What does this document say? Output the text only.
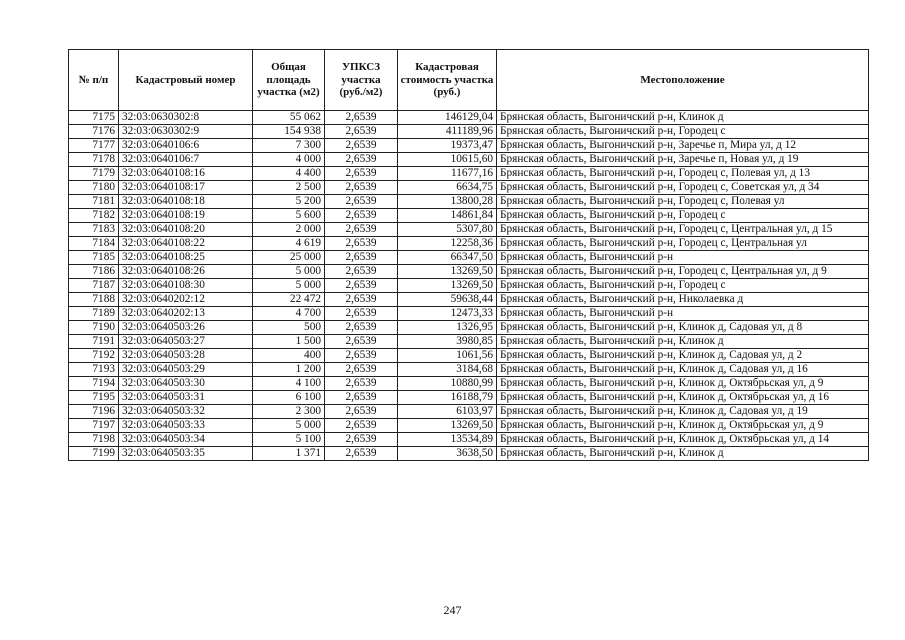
№ п/п	Кадастровый номер	Общая площадь участка (м2)	УПКСЗ участка (руб./м2)	Кадастровая стоимость участка (руб.)	Местоположение
7175	32:03:0630302:8	55 062	2,6539	146129,04	Брянская область, Выгоничский р-н, Клинок д
7176	32:03:0630302:9	154 938	2,6539	411189,96	Брянская область, Выгоничский р-н, Городец с
7177	32:03:0640106:6	7 300	2,6539	19373,47	Брянская область, Выгоничский р-н, Заречье п, Мира ул, д 12
7178	32:03:0640106:7	4 000	2,6539	10615,60	Брянская область, Выгоничский р-н, Заречье п, Новая ул, д 19
7179	32:03:0640108:16	4 400	2,6539	11677,16	Брянская область, Выгоничский р-н, Городец с, Полевая ул, д 13
7180	32:03:0640108:17	2 500	2,6539	6634,75	Брянская область, Выгоничский р-н, Городец с, Советская ул, д 34
7181	32:03:0640108:18	5 200	2,6539	13800,28	Брянская область, Выгоничский р-н, Городец с, Полевая ул
7182	32:03:0640108:19	5 600	2,6539	14861,84	Брянская область, Выгоничский р-н, Городец с
7183	32:03:0640108:20	2 000	2,6539	5307,80	Брянская область, Выгоничский р-н, Городец с, Центральная ул, д 15
7184	32:03:0640108:22	4 619	2,6539	12258,36	Брянская область, Выгоничский р-н, Городец с, Центральная ул
7185	32:03:0640108:25	25 000	2,6539	66347,50	Брянская область, Выгоничский р-н
7186	32:03:0640108:26	5 000	2,6539	13269,50	Брянская область, Выгоничский р-н, Городец с, Центральная ул, д 9
7187	32:03:0640108:30	5 000	2,6539	13269,50	Брянская область, Выгоничский р-н, Городец с
7188	32:03:0640202:12	22 472	2,6539	59638,44	Брянская область, Выгоничский р-н, Николаевка д
7189	32:03:0640202:13	4 700	2,6539	12473,33	Брянская область, Выгоничский р-н
7190	32:03:0640503:26	500	2,6539	1326,95	Брянская область, Выгоничский р-н, Клинок д, Садовая ул, д 8
7191	32:03:0640503:27	1 500	2,6539	3980,85	Брянская область, Выгоничский р-н, Клинок д
7192	32:03:0640503:28	400	2,6539	1061,56	Брянская область, Выгоничский р-н, Клинок д, Садовая ул, д 2
7193	32:03:0640503:29	1 200	2,6539	3184,68	Брянская область, Выгоничский р-н, Клинок д, Садовая ул, д 16
7194	32:03:0640503:30	4 100	2,6539	10880,99	Брянская область, Выгоничский р-н, Клинок д, Октябрьская ул, д 9
7195	32:03:0640503:31	6 100	2,6539	16188,79	Брянская область, Выгоничский р-н, Клинок д, Октябрьская ул, д 16
7196	32:03:0640503:32	2 300	2,6539	6103,97	Брянская область, Выгоничский р-н, Клинок д, Садовая ул, д 19
7197	32:03:0640503:33	5 000	2,6539	13269,50	Брянская область, Выгоничский р-н, Клинок д, Октябрьская ул, д 9
7198	32:03:0640503:34	5 100	2,6539	13534,89	Брянская область, Выгоничский р-н, Клинок д, Октябрьская ул, д 14
7199	32:03:0640503:35	1 371	2,6539	3638,50	Брянская область, Выгоничский р-н, Клинок д
247
